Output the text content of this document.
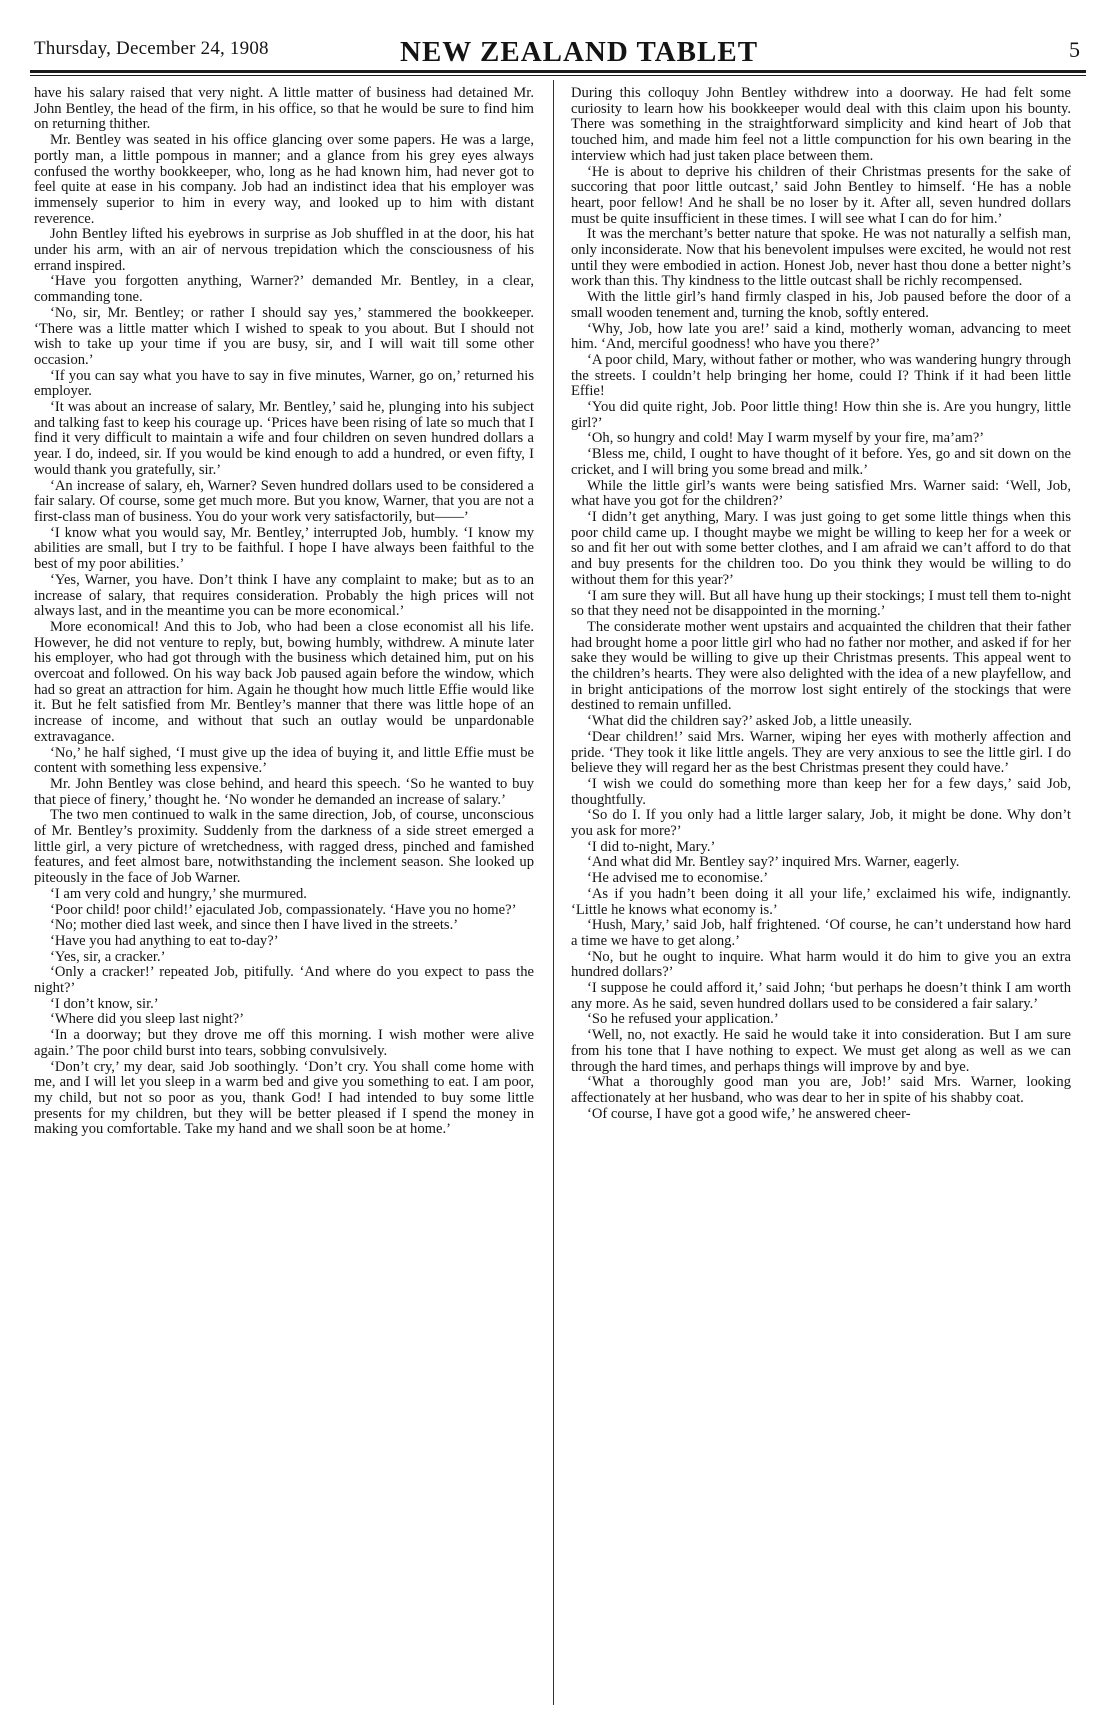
Thursday, December 24, 1908	NEW ZEALAND TABLET	5

have his salary raised that very night. A little matter of business had detained Mr. John Bentley, the head of the firm, in his office, so that he would be sure to find him on returning thither.

Mr. Bentley was seated in his office glancing over some papers. He was a large, portly man, a little pompous in manner; and a glance from his grey eyes always confused the worthy bookkeeper, who, long as he had known him, had never got to feel quite at ease in his company. Job had an indistinct idea that his employer was immensely superior to him in every way, and looked up to him with distant reverence.

John Bentley lifted his eyebrows in surprise as Job shuffled in at the door, his hat under his arm, with an air of nervous trepidation which the consciousness of his errand inspired.

‘Have you forgotten anything, Warner?’ demanded Mr. Bentley, in a clear, commanding tone.

‘No, sir, Mr. Bentley; or rather I should say yes,’ stammered the bookkeeper. ‘There was a little matter which I wished to speak to you about. But I should not wish to take up your time if you are busy, sir, and I will wait till some other occasion.’

‘If you can say what you have to say in five minutes, Warner, go on,’ returned his employer.

‘It was about an increase of salary, Mr. Bentley,’ said he, plunging into his subject and talking fast to keep his courage up. ‘Prices have been rising of late so much that I find it very difficult to maintain a wife and four children on seven hundred dollars a year. I do, indeed, sir. If you would be kind enough to add a hundred, or even fifty, I would thank you gratefully, sir.’

‘An increase of salary, eh, Warner? Seven hundred dollars used to be considered a fair salary. Of course, some get much more. But you know, Warner, that you are not a first-class man of business. You do your work very satisfactorily, but——’

‘I know what you would say, Mr. Bentley,’ interrupted Job, humbly. ‘I know my abilities are small, but I try to be faithful. I hope I have always been faithful to the best of my poor abilities.’

‘Yes, Warner, you have. Don’t think I have any complaint to make; but as to an increase of salary, that requires consideration. Probably the high prices will not always last, and in the meantime you can be more economical.’

More economical! And this to Job, who had been a close economist all his life. However, he did not venture to reply, but, bowing humbly, withdrew. A minute later his employer, who had got through with the business which detained him, put on his overcoat and followed. On his way back Job paused again before the window, which had so great an attraction for him. Again he thought how much little Effie would like it. But he felt satisfied from Mr. Bentley’s manner that there was little hope of an increase of income, and without that such an outlay would be unpardonable extravagance.

‘No,’ he half sighed, ‘I must give up the idea of buying it, and little Effie must be content with something less expensive.’

Mr. John Bentley was close behind, and heard this speech. ‘So he wanted to buy that piece of finery,’ thought he. ‘No wonder he demanded an increase of salary.’

The two men continued to walk in the same direction, Job, of course, unconscious of Mr. Bentley’s proximity. Suddenly from the darkness of a side street emerged a little girl, a very picture of wretchedness, with ragged dress, pinched and famished features, and feet almost bare, notwithstanding the inclement season. She looked up piteously in the face of Job Warner.

‘I am very cold and hungry,’ she murmured.

‘Poor child! poor child!’ ejaculated Job, compassionately. ‘Have you no home?’

‘No; mother died last week, and since then I have lived in the streets.’

‘Have you had anything to eat to-day?’

‘Yes, sir, a cracker.’

‘Only a cracker!’ repeated Job, pitifully. ‘And where do you expect to pass the night?’

‘I don’t know, sir.’

‘Where did you sleep last night?’

‘In a doorway; but they drove me off this morning. I wish mother were alive again.’ The poor child burst into tears, sobbing convulsively.

‘Don’t cry,’ my dear, said Job soothingly. ‘Don’t cry. You shall come home with me, and I will let you sleep in a warm bed and give you something to eat. I am poor, my child, but not so poor as you, thank God! I had intended to buy some little presents for my children, but they will be better pleased if I spend the money in making you comfortable. Take my hand and we shall soon be at home.’

During this colloquy John Bentley withdrew into a doorway. He had felt some curiosity to learn how his bookkeeper would deal with this claim upon his bounty. There was something in the straightforward simplicity and kind heart of Job that touched him, and made him feel not a little compunction for his own bearing in the interview which had just taken place between them.

‘He is about to deprive his children of their Christmas presents for the sake of succoring that poor little outcast,’ said John Bentley to himself. ‘He has a noble heart, poor fellow! And he shall be no loser by it. After all, seven hundred dollars must be quite insufficient in these times. I will see what I can do for him.’

It was the merchant’s better nature that spoke. He was not naturally a selfish man, only inconsiderate. Now that his benevolent impulses were excited, he would not rest until they were embodied in action. Honest Job, never hast thou done a better night’s work than this. Thy kindness to the little outcast shall be richly recompensed.

With the little girl’s hand firmly clasped in his, Job paused before the door of a small wooden tenement and, turning the knob, softly entered.

‘Why, Job, how late you are!’ said a kind, motherly woman, advancing to meet him. ‘And, merciful goodness! who have you there?’

‘A poor child, Mary, without father or mother, who was wandering hungry through the streets. I couldn’t help bringing her home, could I? Think if it had been little Effie!

‘You did quite right, Job. Poor little thing! How thin she is. Are you hungry, little girl?’

‘Oh, so hungry and cold! May I warm myself by your fire, ma’am?’

‘Bless me, child, I ought to have thought of it before. Yes, go and sit down on the cricket, and I will bring you some bread and milk.’

While the little girl’s wants were being satisfied Mrs. Warner said: ‘Well, Job, what have you got for the children?’

‘I didn’t get anything, Mary. I was just going to get some little things when this poor child came up. I thought maybe we might be willing to keep her for a week or so and fit her out with some better clothes, and I am afraid we can’t afford to do that and buy presents for the children too. Do you think they would be willing to do without them for this year?’

‘I am sure they will. But all have hung up their stockings; I must tell them to-night so that they need not be disappointed in the morning.’

The considerate mother went upstairs and acquainted the children that their father had brought home a poor little girl who had no father nor mother, and asked if for her sake they would be willing to give up their Christmas presents. This appeal went to the children’s hearts. They were also delighted with the idea of a new playfellow, and in bright anticipations of the morrow lost sight entirely of the stockings that were destined to remain unfilled.

‘What did the children say?’ asked Job, a little uneasily.

‘Dear children!’ said Mrs. Warner, wiping her eyes with motherly affection and pride. ‘They took it like little angels. They are very anxious to see the little girl. I do believe they will regard her as the best Christmas present they could have.’

‘I wish we could do something more than keep her for a few days,’ said Job, thoughtfully.

‘So do I. If you only had a little larger salary, Job, it might be done. Why don’t you ask for more?’

‘I did to-night, Mary.’

‘And what did Mr. Bentley say?’ inquired Mrs. Warner, eagerly.

‘He advised me to economise.’

‘As if you hadn’t been doing it all your life,’ exclaimed his wife, indignantly. ‘Little he knows what economy is.’

‘Hush, Mary,’ said Job, half frightened. ‘Of course, he can’t understand how hard a time we have to get along.’

‘No, but he ought to inquire. What harm would it do him to give you an extra hundred dollars?’

‘I suppose he could afford it,’ said John; ‘but perhaps he doesn’t think I am worth any more. As he said, seven hundred dollars used to be considered a fair salary.’

‘So he refused your application.’

‘Well, no, not exactly. He said he would take it into consideration. But I am sure from his tone that I have nothing to expect. We must get along as well as we can through the hard times, and perhaps things will improve by and bye.

‘What a thoroughly good man you are, Job!’ said Mrs. Warner, looking affectionately at her husband, who was dear to her in spite of his shabby coat.

‘Of course, I have got a good wife,’ he answered cheer-
